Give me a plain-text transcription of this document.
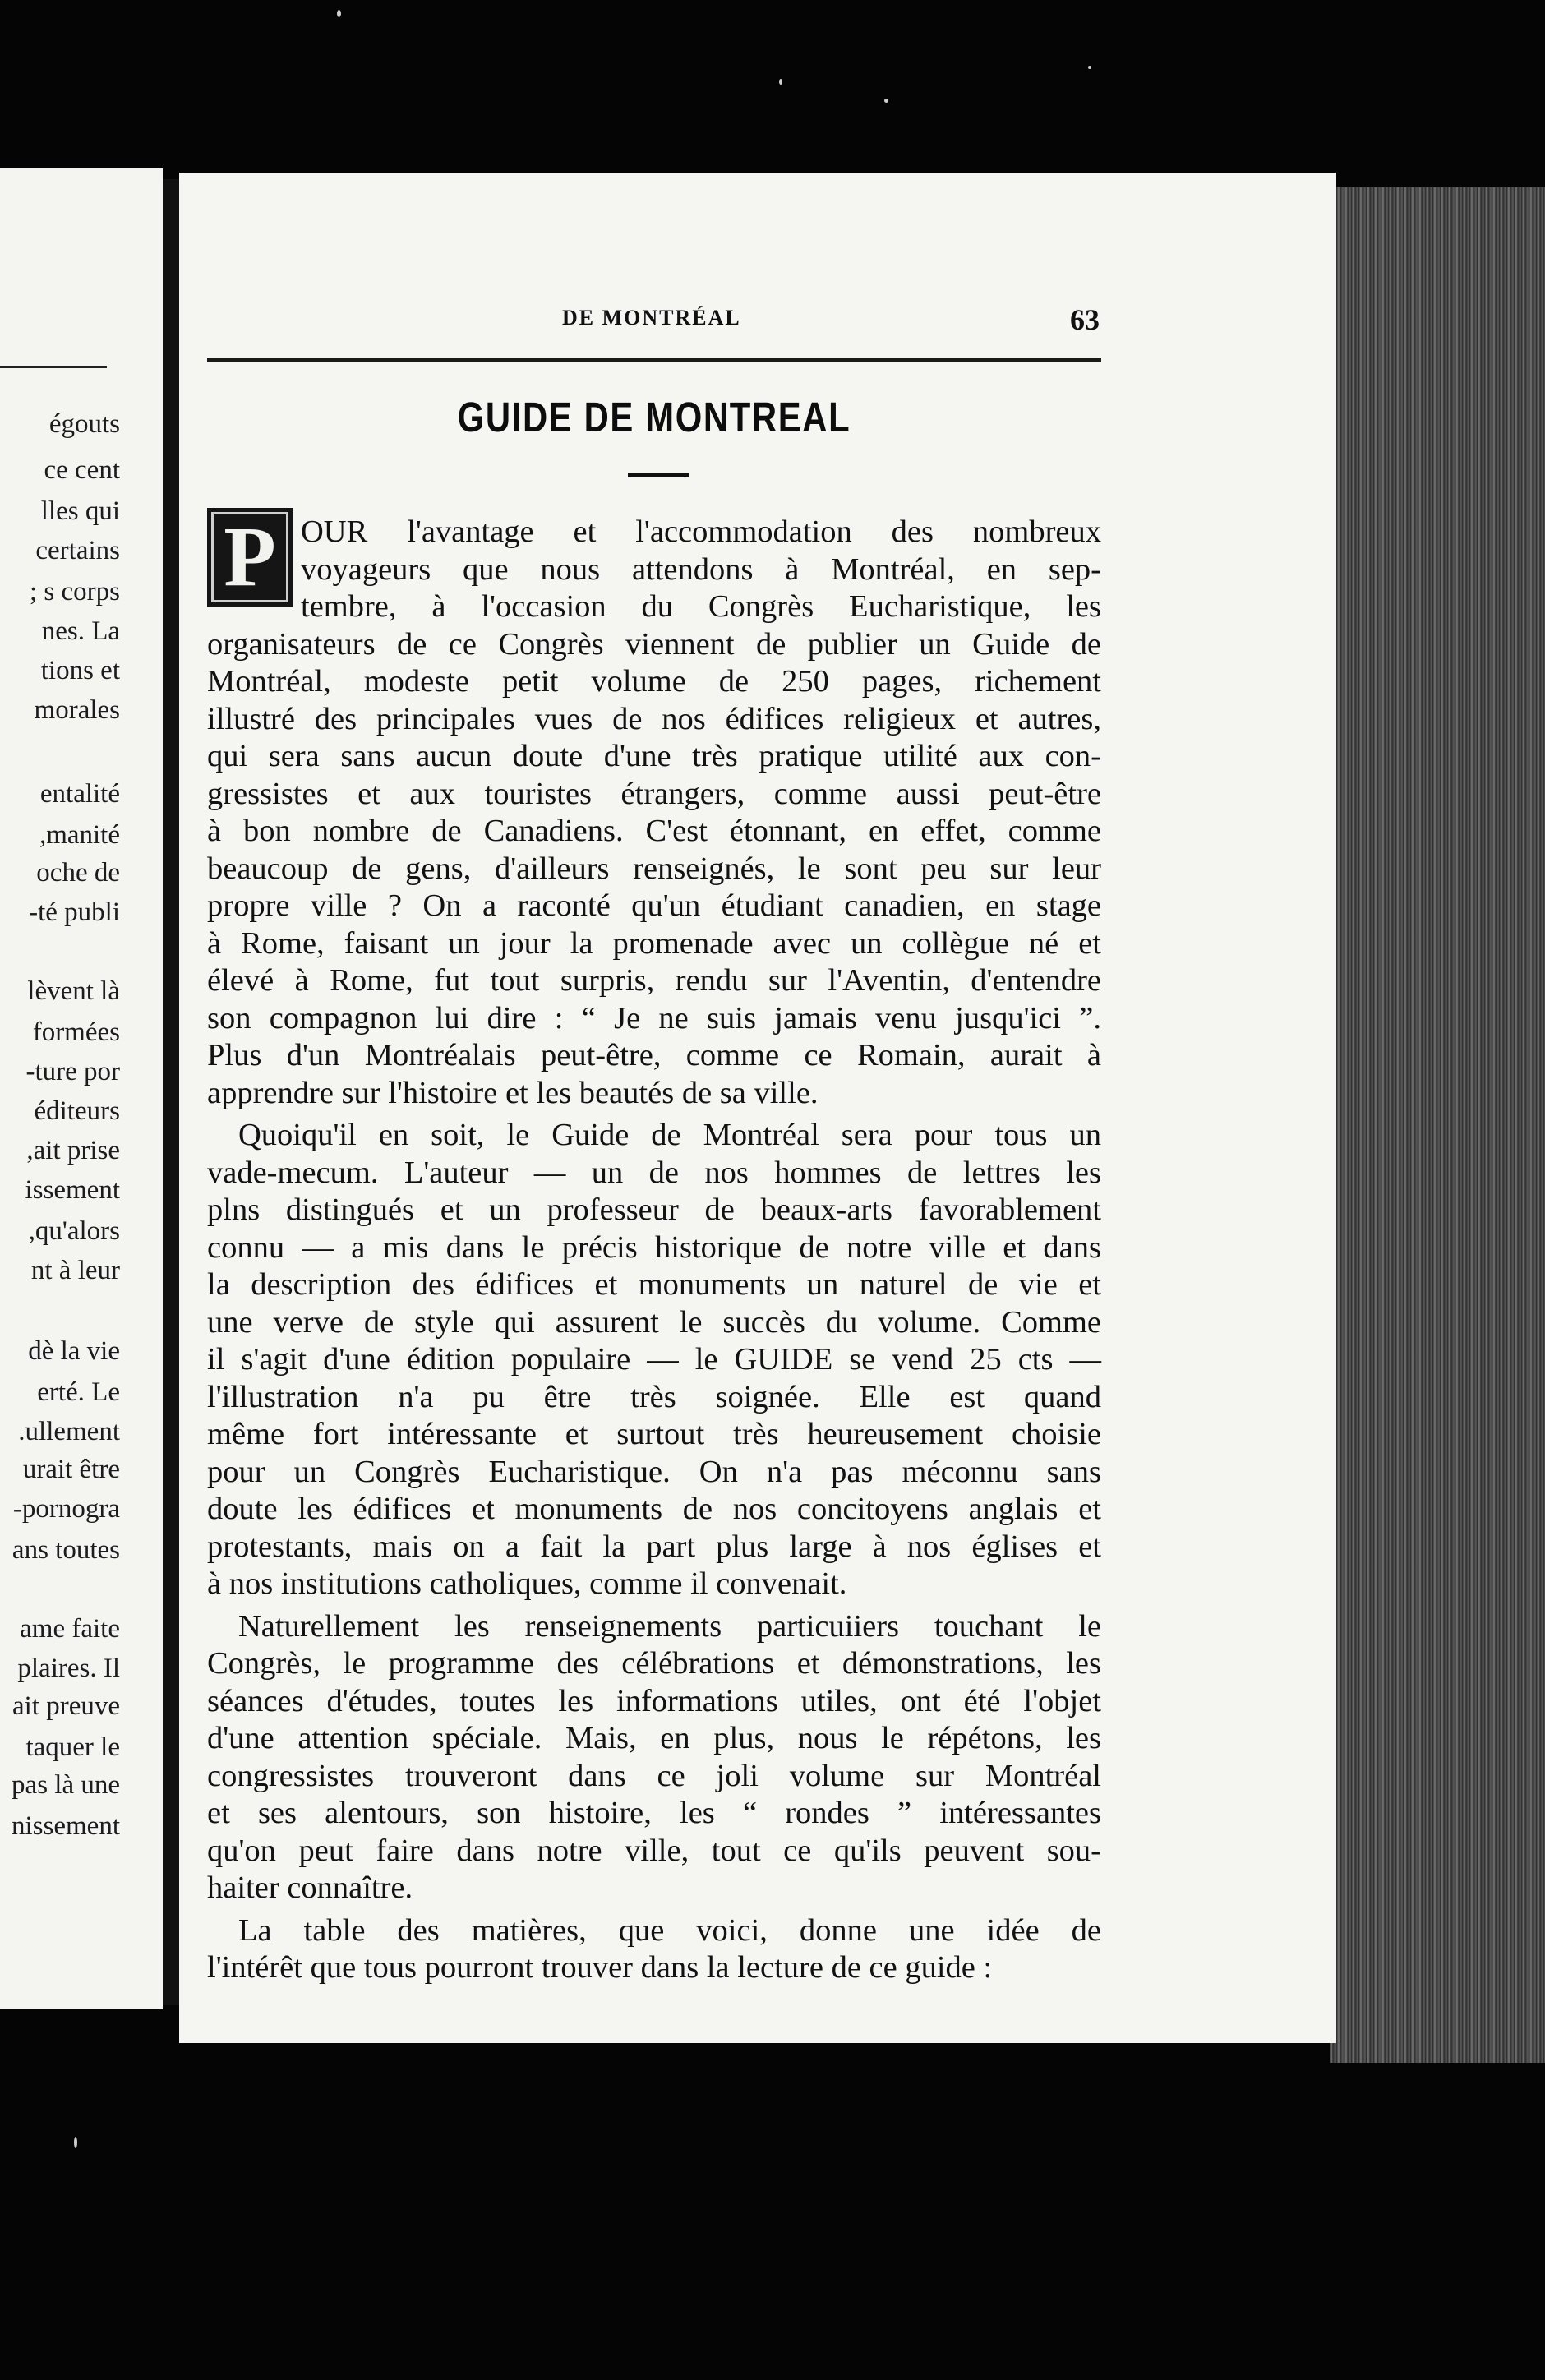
égouts
ce cent
lles qui
certains
s corps ;
nes. La
tions et
morales
entalité
manité,
oche de
té publi-
lèvent là
formées
ture por-
éditeurs
ait prise,
issement
qu'alors,
nt à leur
dè la vie
erté. Le
ullement.
urait être
pornogra-
ans toutes
ame faite
plaires. Il
ait preuve
taquer le
pas là une
nissement
DE MONTRÉAL	63
GUIDE DE MONTREAL
P OUR l'avantage et l'accommodation des nombreux
voyageurs que nous attendons à Montréal, en sep-
tembre, à l'occasion du Congrès Eucharistique, les
organisateurs de ce Congrès viennent de publier un Guide de
Montréal, modeste petit volume de 250 pages, richement
illustré des principales vues de nos édifices religieux et autres,
qui sera sans aucun doute d'une très pratique utilité aux con-
gressistes et aux touristes étrangers, comme aussi peut-être
à bon nombre de Canadiens. C'est étonnant, en effet, comme
beaucoup de gens, d'ailleurs renseignés, le sont peu sur leur
propre ville ? On a raconté qu'un étudiant canadien, en stage
à Rome, faisant un jour la promenade avec un collègue né et
élevé à Rome, fut tout surpris, rendu sur l'Aventin, d'entendre
son compagnon lui dire : “ Je ne suis jamais venu jusqu'ici ”.
Plus d'un Montréalais peut-être, comme ce Romain, aurait à
apprendre sur l'histoire et les beautés de sa ville.
Quoiqu'il en soit, le Guide de Montréal sera pour tous un
vade-mecum. L'auteur — un de nos hommes de lettres les
plns distingués et un professeur de beaux-arts favorablement
connu — a mis dans le précis historique de notre ville et dans
la description des édifices et monuments un naturel de vie et
une verve de style qui assurent le succès du volume. Comme
il s'agit d'une édition populaire — le GUIDE se vend 25 cts —
l'illustration n'a pu être très soignée. Elle est quand
même fort intéressante et surtout très heureusement choisie
pour un Congrès Eucharistique. On n'a pas méconnu sans
doute les édifices et monuments de nos concitoyens anglais et
protestants, mais on a fait la part plus large à nos églises et
à nos institutions catholiques, comme il convenait.
Naturellement les renseignements particuiiers touchant le
Congrès, le programme des célébrations et démonstrations, les
séances d'études, toutes les informations utiles, ont été l'objet
d'une attention spéciale. Mais, en plus, nous le répétons, les
congressistes trouveront dans ce joli volume sur Montréal
et ses alentours, son histoire, les “ rondes ” intéressantes
qu'on peut faire dans notre ville, tout ce qu'ils peuvent sou-
haiter connaître.
La table des matières, que voici, donne une idée de
l'intérêt que tous pourront trouver dans la lecture de ce guide :
